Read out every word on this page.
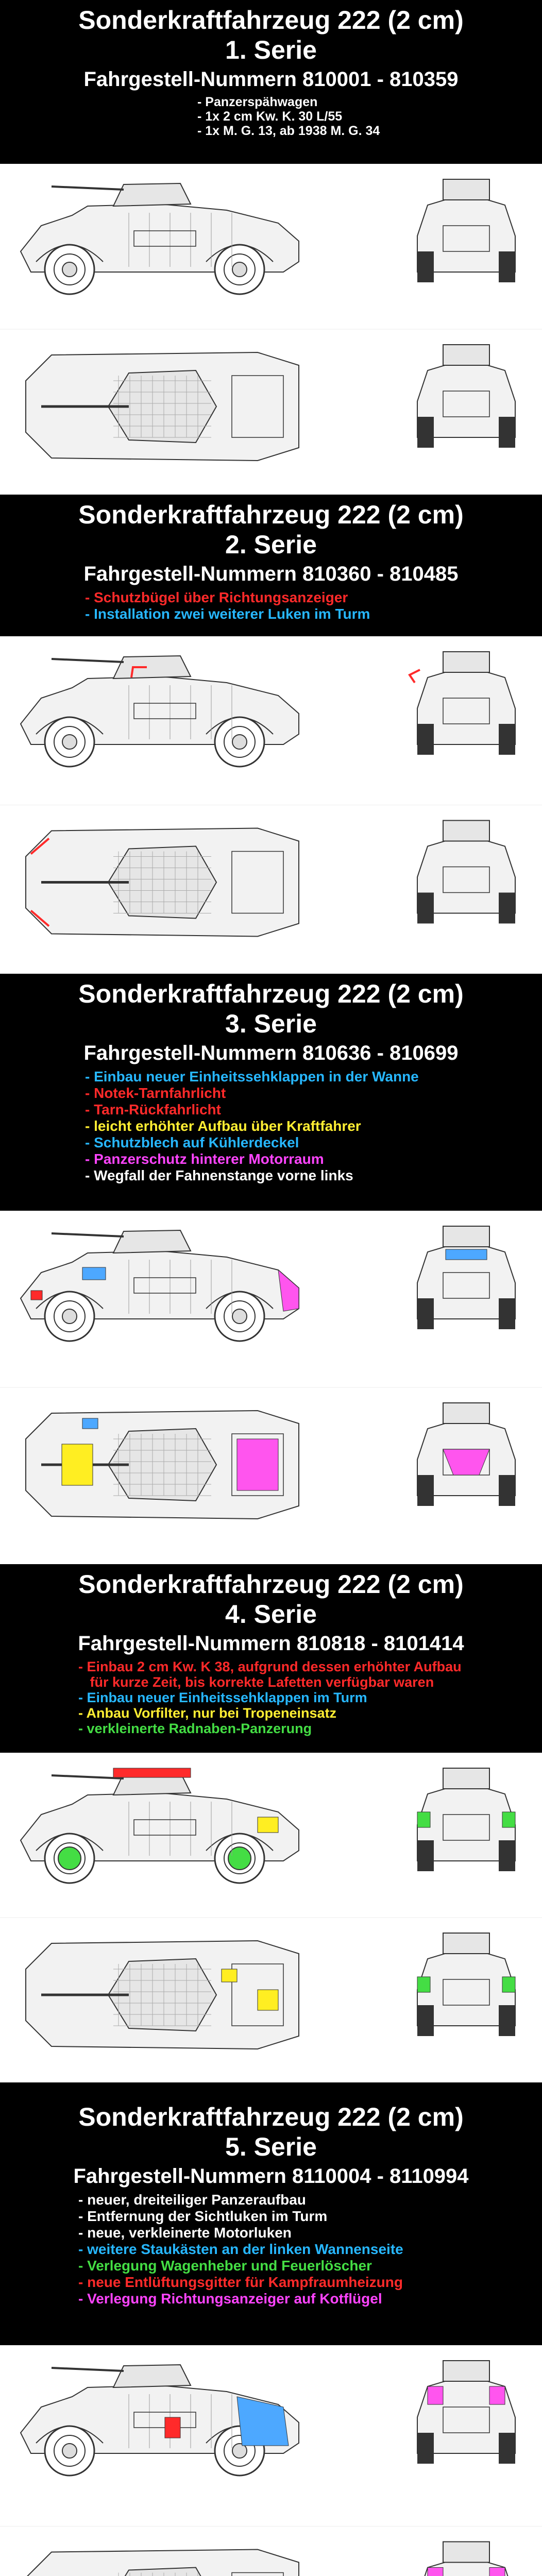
Sonderkraftfahrzeug 222 (2 cm)
1. Serie
Fahrgestell-Nummern 810001 - 810359
- Panzerspähwagen
- 1x 2 cm Kw. K. 30 L/55
- 1x M. G. 13, ab 1938 M. G. 34
Sonderkraftfahrzeug 222 (2 cm)
2. Serie
Fahrgestell-Nummern 810360 - 810485
- Schutzbügel über Richtungsanzeiger
- Installation zwei weiterer Luken im Turm
Sonderkraftfahrzeug 222 (2 cm)
3. Serie
Fahrgestell-Nummern 810636 - 810699
- Einbau neuer Einheitssehklappen in der Wanne
- Notek-Tarnfahrlicht
- Tarn-Rückfahrlicht
- leicht erhöhter Aufbau über Kraftfahrer
- Schutzblech auf Kühlerdeckel
- Panzerschutz hinterer Motorraum
- Wegfall der Fahnenstange vorne links
Sonderkraftfahrzeug 222 (2 cm)
4. Serie
Fahrgestell-Nummern 810818 - 8101414
- Einbau 2 cm Kw. K 38, aufgrund dessen erhöhter Aufbau
für kurze Zeit, bis korrekte Lafetten verfügbar waren
- Einbau neuer Einheitssehklappen im Turm
- Anbau Vorfilter, nur bei Tropeneinsatz
- verkleinerte Radnaben-Panzerung
Sonderkraftfahrzeug 222 (2 cm)
5. Serie
Fahrgestell-Nummern 8110004 - 8110994
- neuer, dreiteiliger Panzeraufbau
- Entfernung der Sichtluken im Turm
- neue, verkleinerte Motorluken
- weitere Staukästen an der linken Wannenseite
- Verlegung Wagenheber und Feuerlöscher
- neue Entlüftungsgitter für Kampfraumheizung
- Verlegung Richtungsanzeiger auf Kotflügel
